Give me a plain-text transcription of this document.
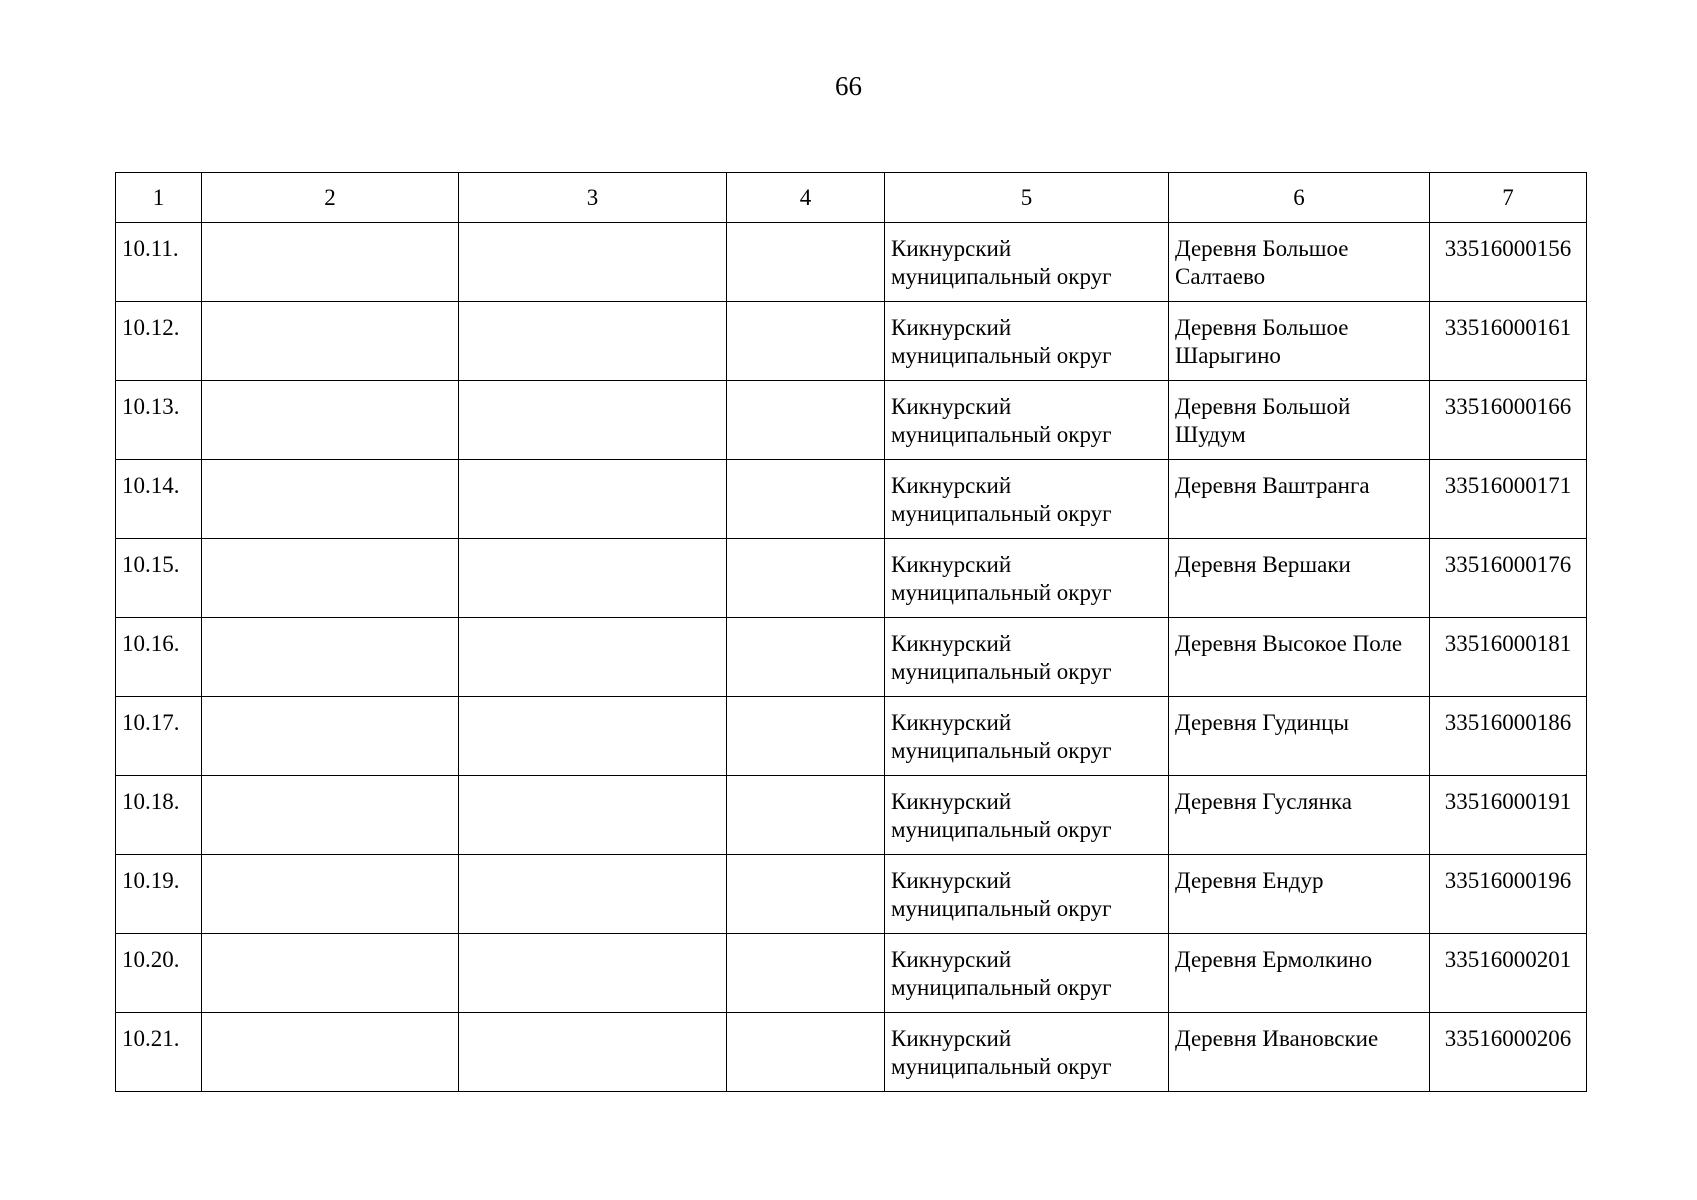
66
1	2	3	4	5	6	7
10.11.				Кикнурский
муниципальный округ	Деревня Большое Салтаево	33516000156
10.12.				Кикнурский
муниципальный округ	Деревня Большое Шарыгино	33516000161
10.13.				Кикнурский
муниципальный округ	Деревня Большой Шудум	33516000166
10.14.				Кикнурский
муниципальный округ	Деревня Ваштранга	33516000171
10.15.				Кикнурский
муниципальный округ	Деревня Вершаки	33516000176
10.16.				Кикнурский
муниципальный округ	Деревня Высокое Поле	33516000181
10.17.				Кикнурский
муниципальный округ	Деревня Гудинцы	33516000186
10.18.				Кикнурский
муниципальный округ	Деревня Гуслянка	33516000191
10.19.				Кикнурский
муниципальный округ	Деревня Ендур	33516000196
10.20.				Кикнурский
муниципальный округ	Деревня Ермолкино	33516000201
10.21.				Кикнурский
муниципальный округ	Деревня Ивановские	33516000206
